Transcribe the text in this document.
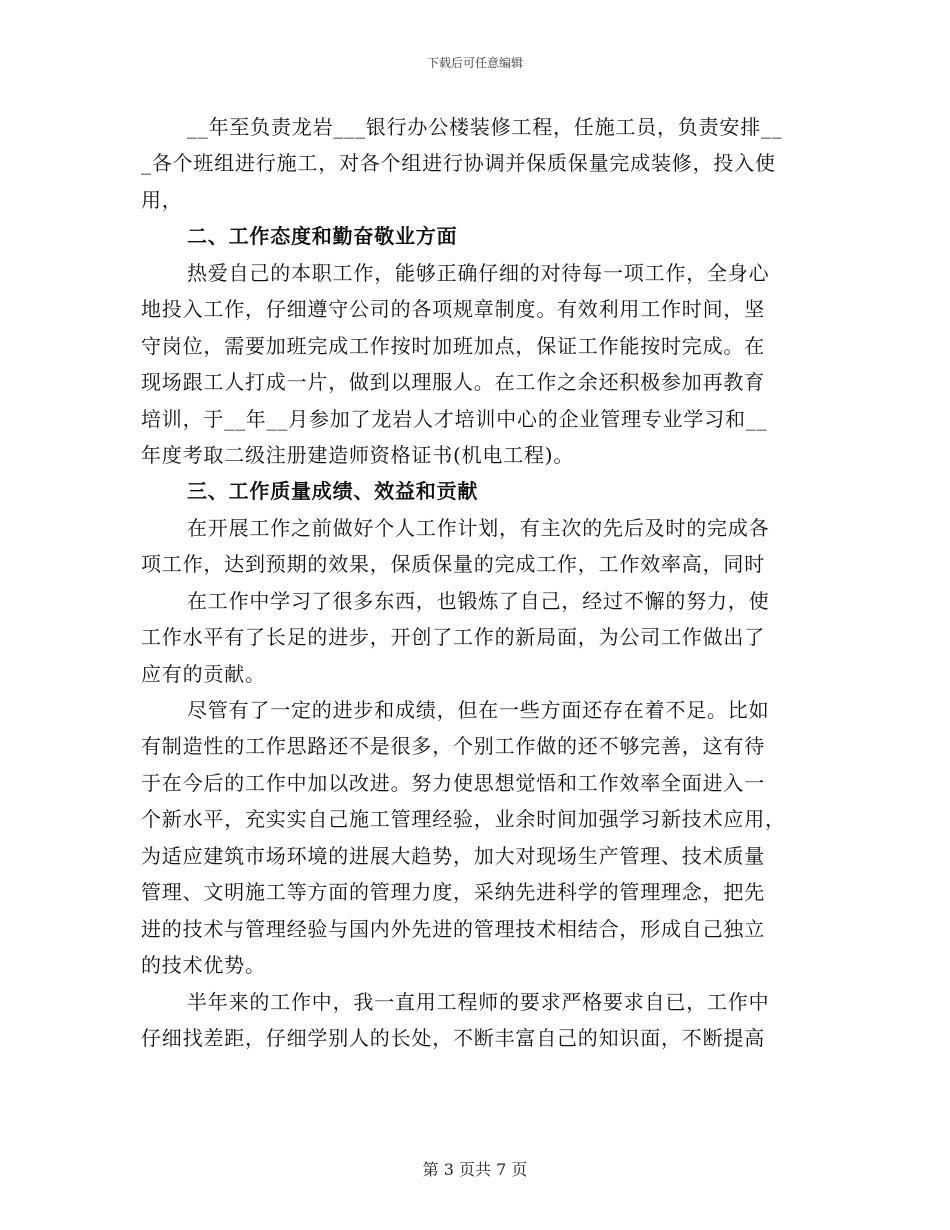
下载后可任意编辑
__年至负责龙岩___银行办公楼装修工程，任施工员，负责安排__
_各个班组进行施工，对各个组进行协调并保质保量完成装修，投入使
用，
二、工作态度和勤奋敬业方面
热爱自己的本职工作，能够正确仔细的对待每一项工作，全身心
地投入工作，仔细遵守公司的各项规章制度。有效利用工作时间，坚
守岗位，需要加班完成工作按时加班加点，保证工作能按时完成。在
现场跟工人打成一片，做到以理服人。在工作之余还积极参加再教育
培训，于__年__月参加了龙岩人才培训中心的企业管理专业学习和__
年度考取二级注册建造师资格证书(机电工程)。
三、工作质量成绩、效益和贡献
在开展工作之前做好个人工作计划，有主次的先后及时的完成各
项工作，达到预期的效果，保质保量的完成工作，工作效率高，同时
在工作中学习了很多东西，也锻炼了自己，经过不懈的努力，使
工作水平有了长足的进步，开创了工作的新局面，为公司工作做出了
应有的贡献。
尽管有了一定的进步和成绩，但在一些方面还存在着不足。比如
有制造性的工作思路还不是很多，个别工作做的还不够完善，这有待
于在今后的工作中加以改进。努力使思想觉悟和工作效率全面进入一
个新水平，充实实自己施工管理经验，业余时间加强学习新技术应用，
为适应建筑市场环境的进展大趋势，加大对现场生产管理、技术质量
管理、文明施工等方面的管理力度，采纳先进科学的管理理念，把先
进的技术与管理经验与国内外先进的管理技术相结合，形成自己独立
的技术优势。
半年来的工作中，我一直用工程师的要求严格要求自已，工作中
仔细找差距，仔细学别人的长处，不断丰富自己的知识面，不断提高
第 3 页共 7 页
